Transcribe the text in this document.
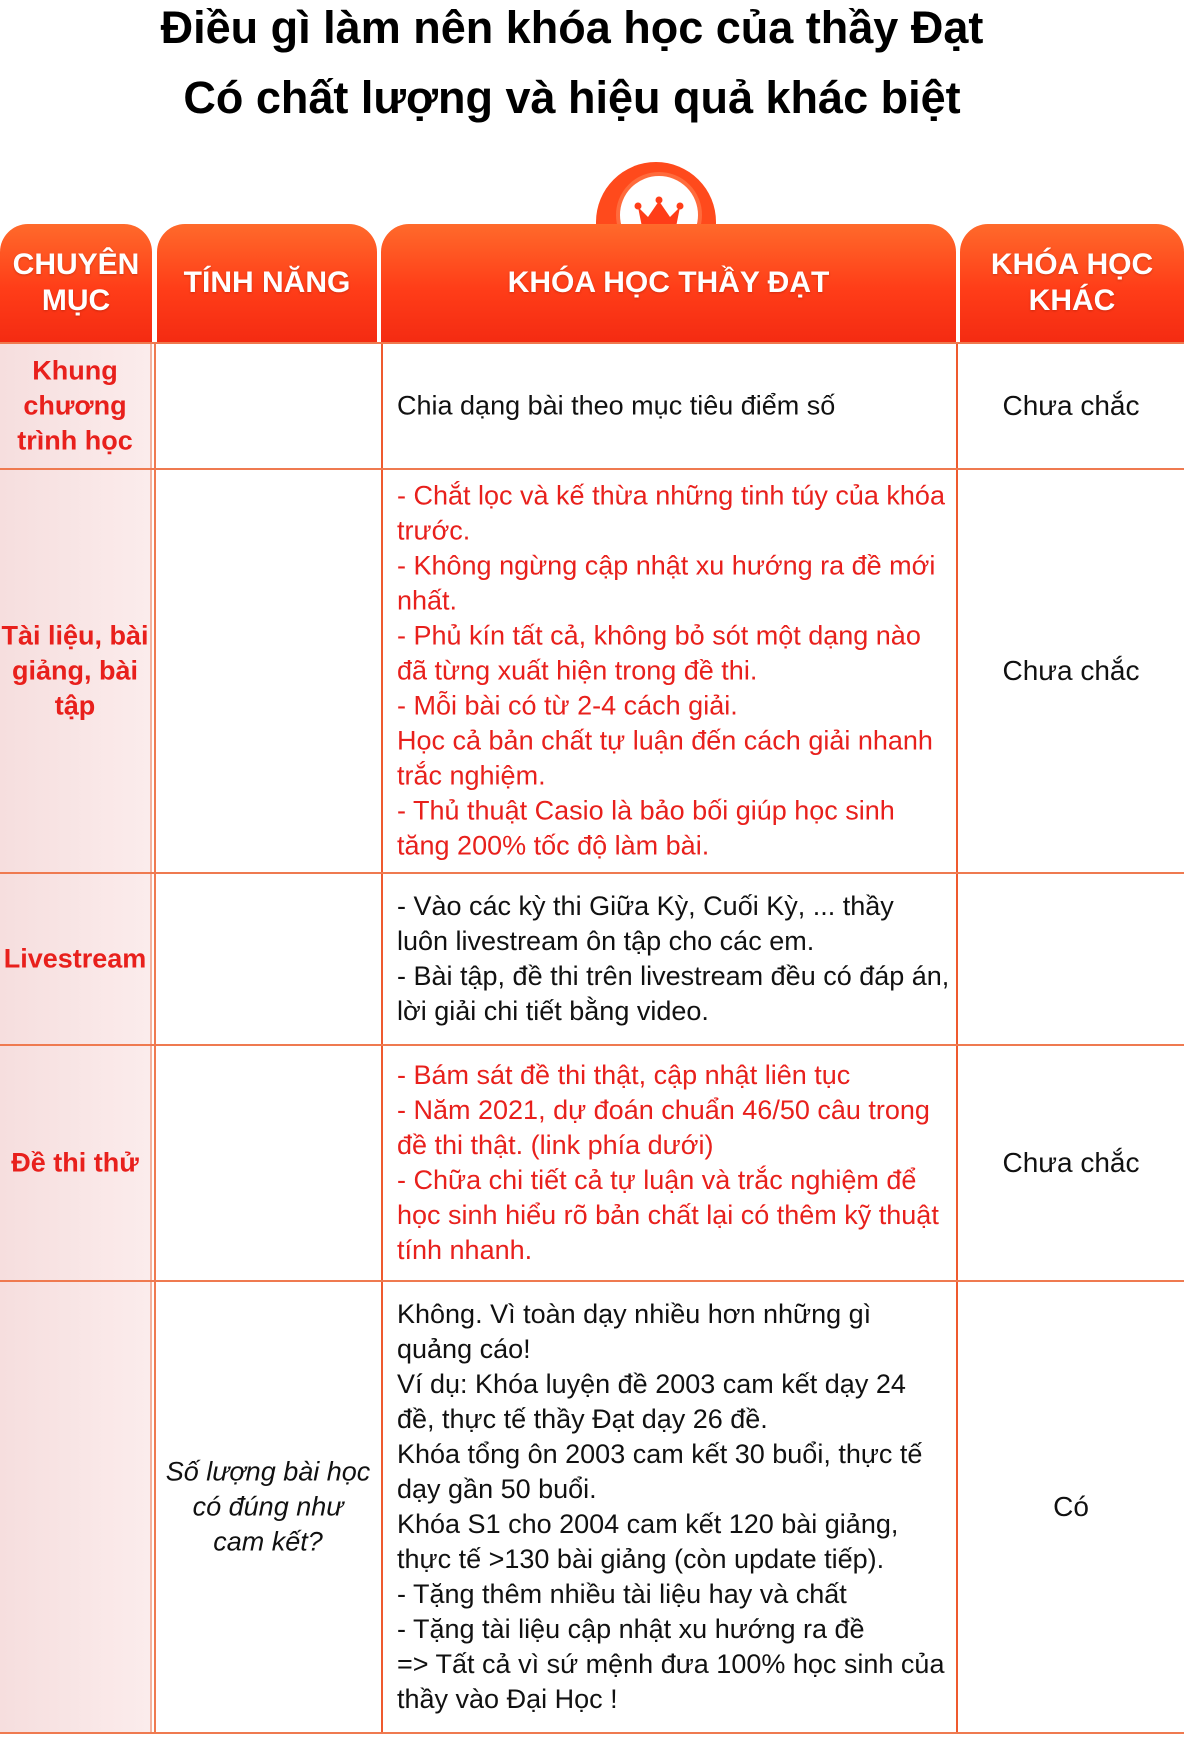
Điều gì làm nên khóa học của thầy Đạt
Có chất lượng và hiệu quả khác biệt
CHUYÊN
MỤC
TÍNH NĂNG	KHÓA HỌC THẦY ĐẠT
KHÓA HỌC
KHÁC
Khung chương trình học
Chia dạng bài theo mục tiêu điểm số	Chưa chắc
Tài liệu, bài giảng, bài tập
- Chắt lọc và kế thừa những tinh túy của khóa trước.
- Không ngừng cập nhật xu hướng ra đề mới nhất.
- Phủ kín tất cả, không bỏ sót một dạng nào đã từng xuất hiện trong đề thi.
- Mỗi bài có từ 2-4 cách giải.
Học cả bản chất tự luận đến cách giải nhanh trắc nghiệm.
- Thủ thuật Casio là bảo bối giúp học sinh tăng 200% tốc độ làm bài.
Chưa chắc
Livestream
- Vào các kỳ thi Giữa Kỳ, Cuối Kỳ, ... thầy luôn livestream ôn tập cho các em.
- Bài tập, đề thi trên livestream đều có đáp án, lời giải chi tiết bằng video.
Đề thi thử
- Bám sát đề thi thật, cập nhật liên tục
- Năm 2021, dự đoán chuẩn 46/50 câu trong đề thi thật. (link phía dưới)
- Chữa chi tiết cả tự luận và trắc nghiệm để học sinh hiểu rõ bản chất lại có thêm kỹ thuật tính nhanh.
Chưa chắc
Số lượng bài học có đúng như cam kết?
Không. Vì toàn dạy nhiều hơn những gì quảng cáo!
Ví dụ: Khóa luyện đề 2003 cam kết dạy 24 đề, thực tế thầy Đạt dạy 26 đề.
Khóa tổng ôn 2003 cam kết 30 buổi, thực tế dạy gần 50 buổi.
Khóa S1 cho 2004 cam kết 120 bài giảng, thực tế >130 bài giảng (còn update tiếp).
- Tặng thêm nhiều tài liệu hay và chất
- Tặng tài liệu cập nhật xu hướng ra đề
=> Tất cả vì sứ mệnh đưa 100% học sinh của thầy vào Đại Học !
Có
